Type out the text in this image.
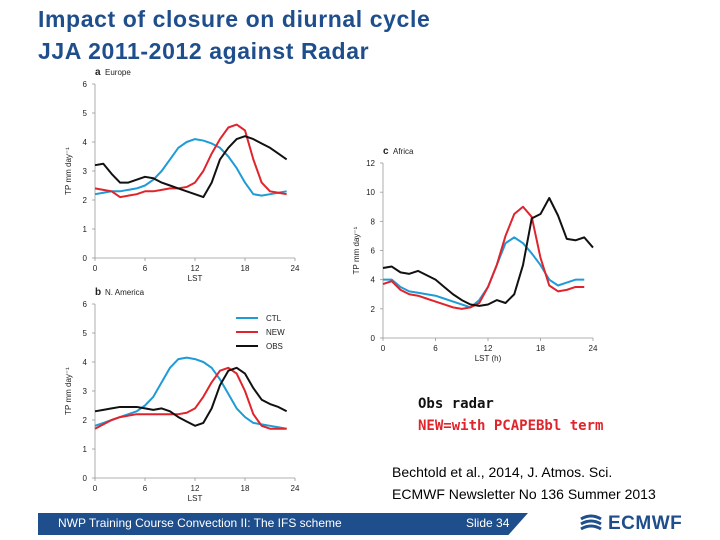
Impact of closure on diurnal cycle
JJA 2011-2012 against Radar
0
1
2
3
4
5
6
0	6	12	18	24
LST
TP mm day⁻¹
a Europe
0
1
2
3
4
5
6
0	6	12	18	24
LST
TP mm day⁻¹
b N. America
CTL
NEW
OBS
0
2
4
6
8
10
12
0	6	12	18	24
LST (h)
TP mm day⁻¹
c Africa
Obs radar
NEW=with PCAPEBbl term
Bechtold et al., 2014, J. Atmos. Sci.
ECMWF Newsletter No 136 Summer 2013
NWP Training Course Convection II: The IFS scheme	Slide 34	ECMWF
